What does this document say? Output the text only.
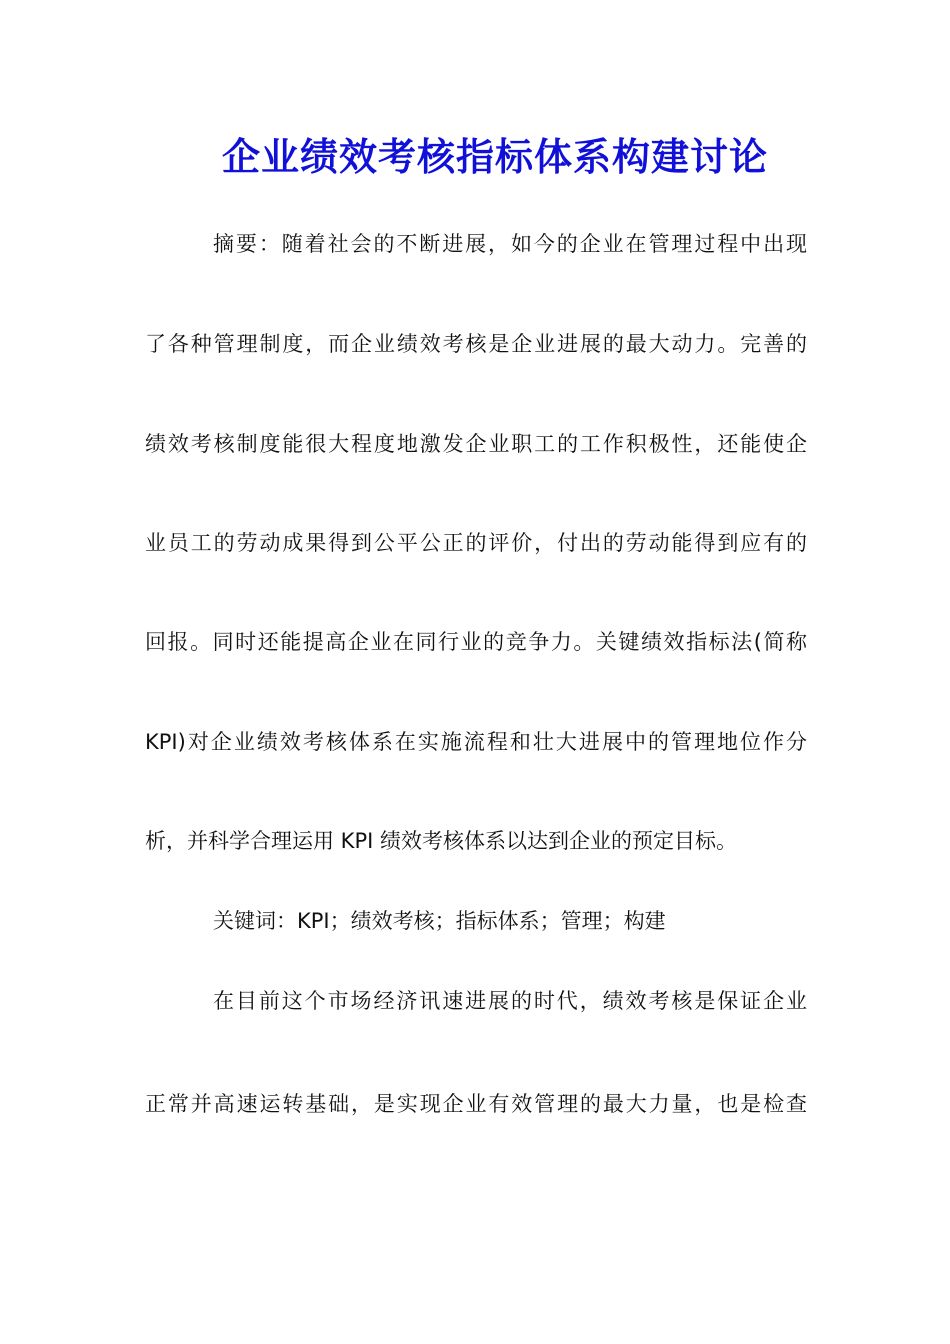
企业绩效考核指标体系构建讨论
摘要：随着社会的不断进展，如今的企业在管理过程中出现
了各种管理制度，而企业绩效考核是企业进展的最大动力。完善的
绩效考核制度能很大程度地激发企业职工的工作积极性，还能使企
业员工的劳动成果得到公平公正的评价，付出的劳动能得到应有的
回报。同时还能提高企业在同行业的竞争力。关键绩效指标法(简称
KPI)对企业绩效考核体系在实施流程和壮大进展中的管理地位作分
析，并科学合理运用 KPI 绩效考核体系以达到企业的预定目标。
关键词：KPI；绩效考核；指标体系；管理；构建
在目前这个市场经济讯速进展的时代，绩效考核是保证企业
正常并高速运转基础，是实现企业有效管理的最大力量，也是检查
